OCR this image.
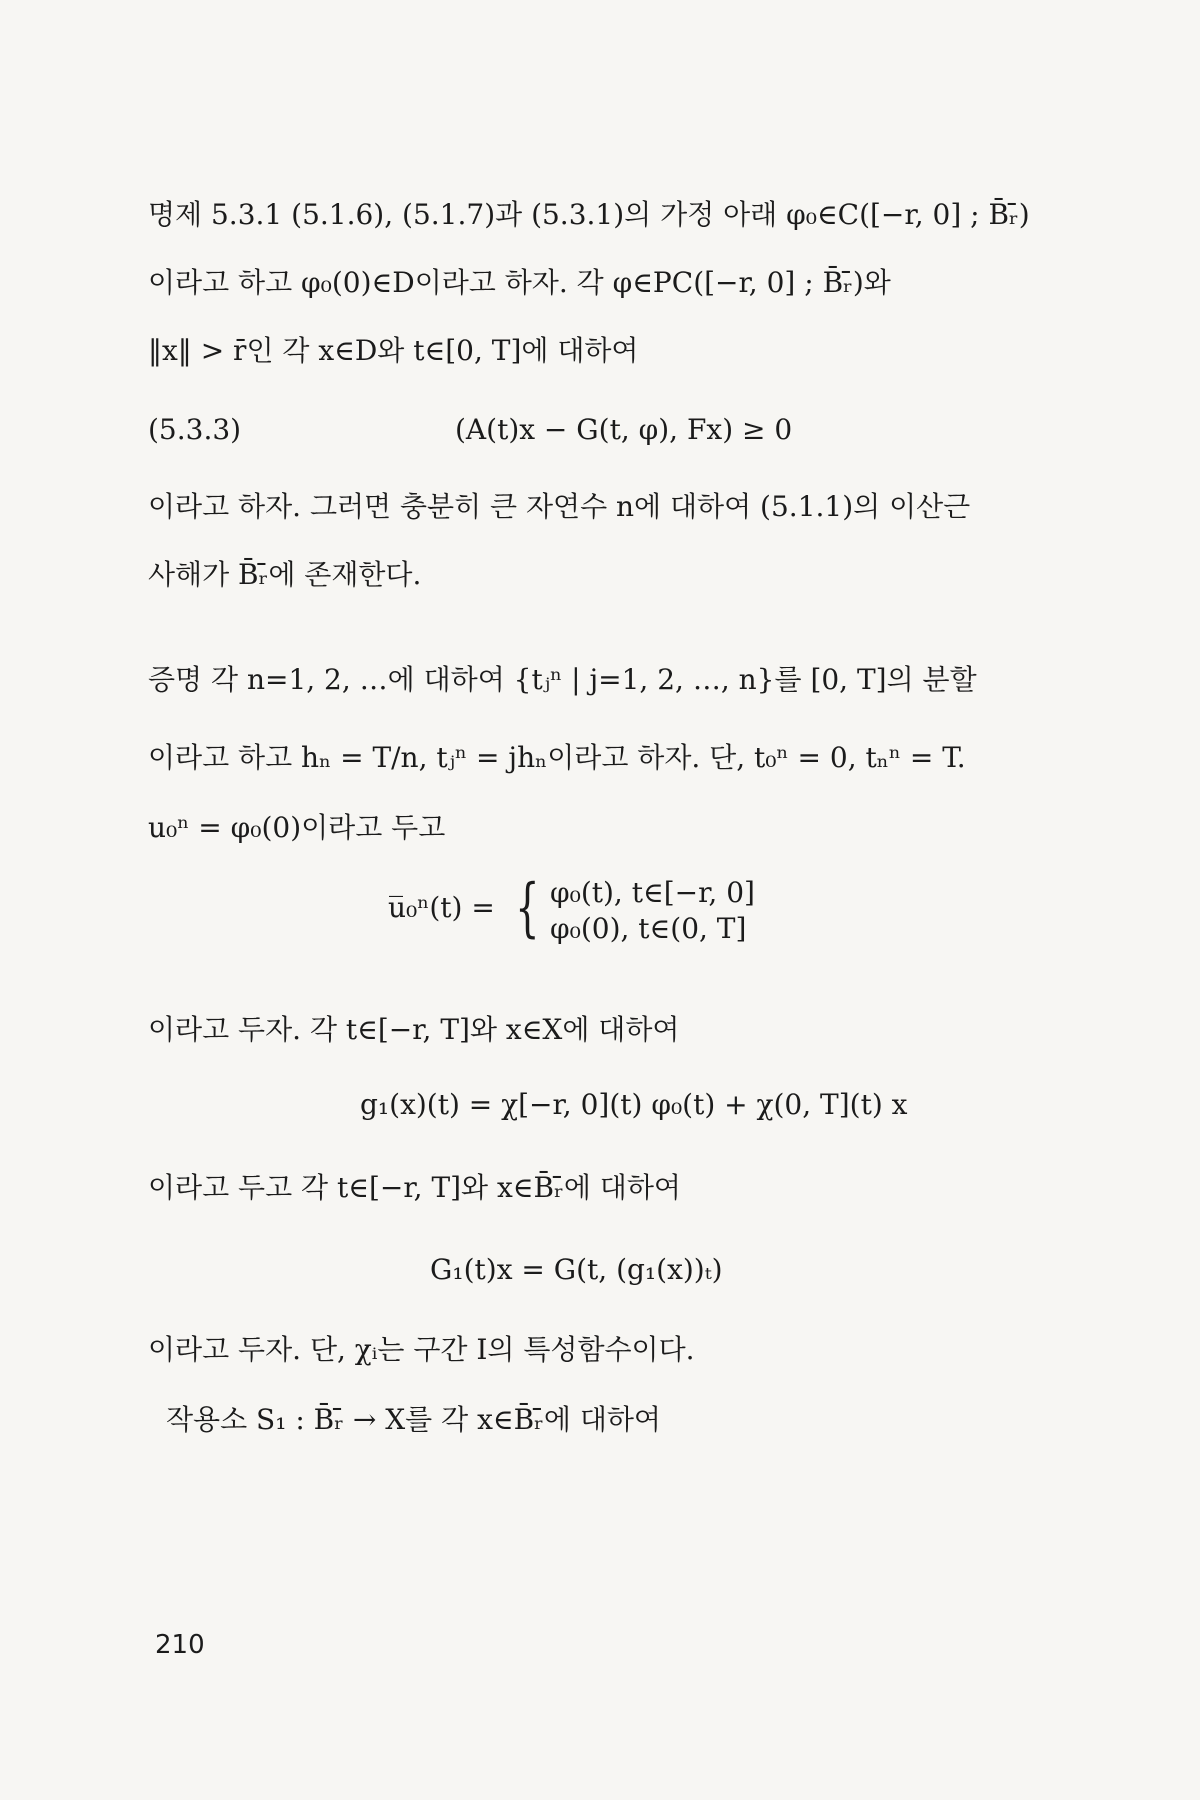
명제 5.3.1 (5.1.6), (5.1.7)과 (5.3.1)의 가정 아래 φ₀∈C([−r, 0] ; B̄ᵣ̄)
이라고 하고 φ₀(0)∈D이라고 하자. 각 φ∈PC([−r, 0] ; B̄ᵣ̄)와
‖x‖ > r̄인 각 x∈D와 t∈[0, T]에 대하여
(5.3.3)	(A(t)x − G(t, φ), Fx) ≥ 0
이라고 하자. 그러면 충분히 큰 자연수 n에 대하여 (5.1.1)의 이산근
사해가 B̄ᵣ̄에 존재한다.
증명 각 n=1, 2, …에 대하여 {tⱼⁿ | j=1, 2, …, n}를 [0, T]의 분할
이라고 하고 hₙ = T/n, tⱼⁿ = jhₙ이라고 하자. 단, t₀ⁿ = 0, tₙⁿ = T.
u₀ⁿ = φ₀(0)이라고 두고
u̅₀ⁿ(t) = { φ₀(t), t∈[−r, 0]
φ₀(0), t∈(0, T]
이라고 두자. 각 t∈[−r, T]와 x∈X에 대하여
g₁(x)(t) = χ[−r, 0](t) φ₀(t) + χ(0, T](t) x
이라고 두고 각 t∈[−r, T]와 x∈B̄ᵣ̄에 대하여
G₁(t)x = G(t, (g₁(x))ₜ)
이라고 두자. 단, χᵢ는 구간 I의 특성함수이다.
작용소 S₁ : B̄ᵣ̄ → X를 각 x∈B̄ᵣ̄에 대하여
210
